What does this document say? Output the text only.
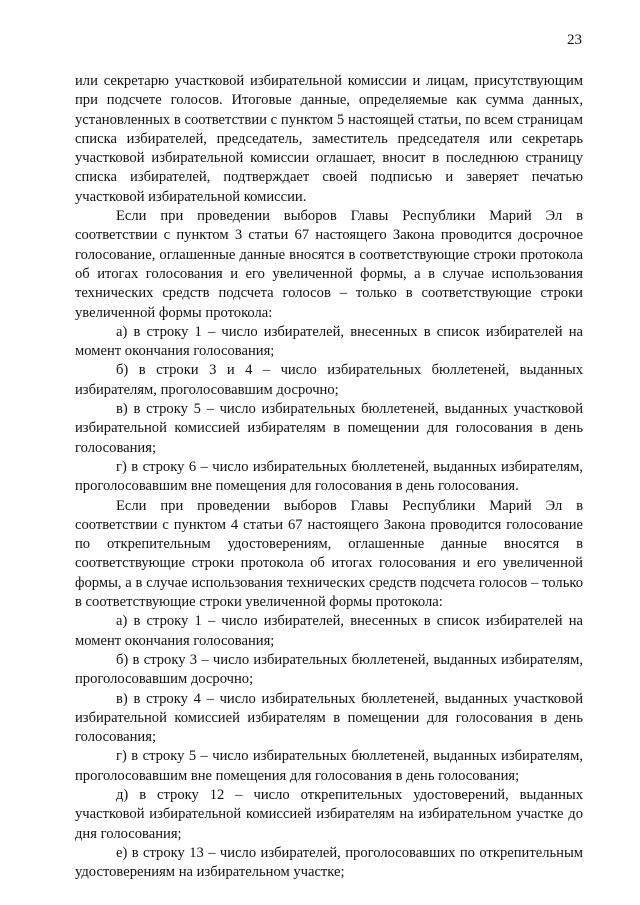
23

или секретарю участковой избирательной комиссии и лицам, присутствующим при подсчете голосов. Итоговые данные, определяемые как сумма данных, установленных в соответствии с пунктом 5 настоящей статьи, по всем страницам списка избирателей, председатель, заместитель председателя или секретарь участковой избирательной комиссии оглашает, вносит в последнюю страницу списка избирателей, подтверждает своей подписью и заверяет печатью участковой избирательной комиссии.

Если при проведении выборов Главы Республики Марий Эл в соответствии с пунктом 3 статьи 67 настоящего Закона проводится досрочное голосование, оглашенные данные вносятся в соответствующие строки протокола об итогах голосования и его увеличенной формы, а в случае использования технических средств подсчета голосов – только в соответствующие строки увеличенной формы протокола:

а) в строку 1 – число избирателей, внесенных в список избирателей на момент окончания голосования;

б) в строки 3 и 4 – число избирательных бюллетеней, выданных избирателям, проголосовавшим досрочно;

в) в строку 5 – число избирательных бюллетеней, выданных участковой избирательной комиссией избирателям в помещении для голосования в день голосования;

г) в строку 6 – число избирательных бюллетеней, выданных избирателям, проголосовавшим вне помещения для голосования в день голосования.

Если при проведении выборов Главы Республики Марий Эл в соответствии с пунктом 4 статьи 67 настоящего Закона проводится голосование по открепительным удостоверениям, оглашенные данные вносятся в соответствующие строки протокола об итогах голосования и его увеличенной формы, а в случае использования технических средств подсчета голосов – только в соответствующие строки увеличенной формы протокола:

а) в строку 1 – число избирателей, внесенных в список избирателей на момент окончания голосования;

б) в строку 3 – число избирательных бюллетеней, выданных избирателям, проголосовавшим досрочно;

в) в строку 4 – число избирательных бюллетеней, выданных участковой избирательной комиссией избирателям в помещении для голосования в день голосования;

г) в строку 5 – число избирательных бюллетеней, выданных избирателям, проголосовавшим вне помещения для голосования в день голосования;

д) в строку 12 – число открепительных удостоверений, выданных участковой избирательной комиссией избирателям на избирательном участке до дня голосования;

е) в строку 13 – число избирателей, проголосовавших по открепительным удостоверениям на избирательном участке;
